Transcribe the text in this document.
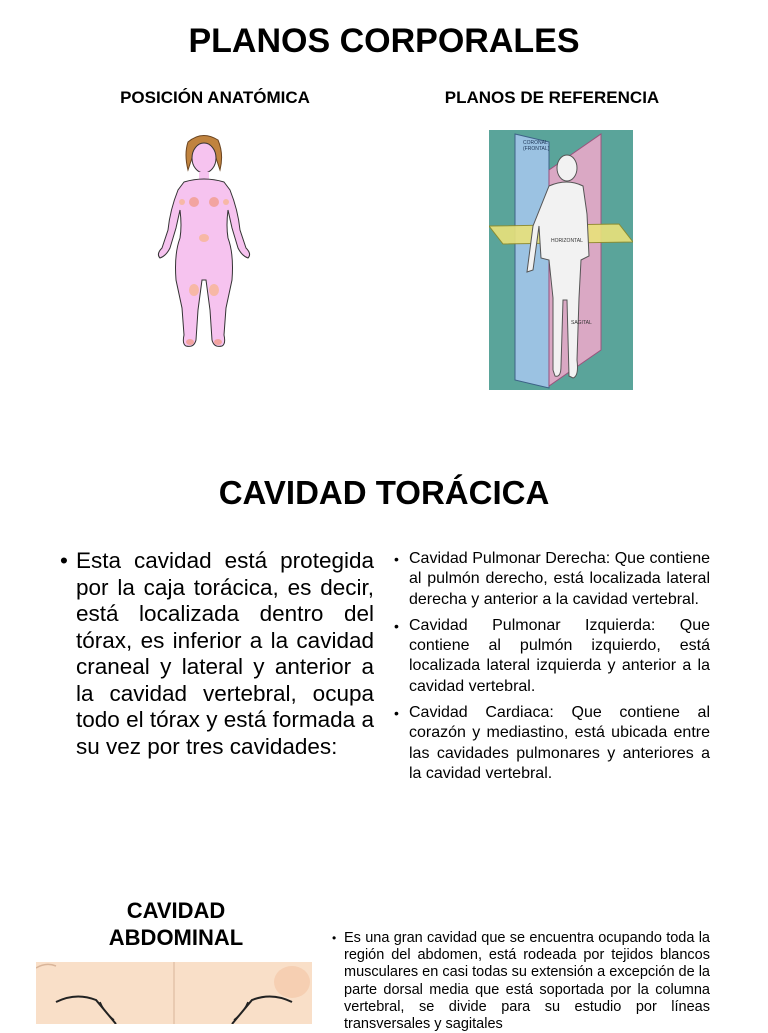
PLANOS CORPORALES
POSICIÓN ANATÓMICA	PLANOS DE REFERENCIA
CORONAL
(FRONTAL)
HORIZONTAL
SAGITAL
CAVIDAD TORÁCICA
• Esta cavidad está protegida por la caja torácica, es decir, está localizada dentro del tórax, es inferior a la cavidad craneal y lateral y anterior a la cavidad vertebral, ocupa todo el tórax y está formada a su vez por tres cavidades:
• Cavidad Pulmonar Derecha: Que contiene al pulmón derecho, está localizada lateral derecha y anterior a la cavidad vertebral.
• Cavidad Pulmonar Izquierda: Que contiene al pulmón izquierdo, está localizada lateral izquierda y anterior a la cavidad vertebral.
• Cavidad Cardiaca: Que contiene al corazón y mediastino, está ubicada entre las cavidades pulmonares y anteriores a la cavidad vertebral.
CAVIDAD
ABDOMINAL
•	Es una gran cavidad que se encuentra ocupando toda la región del abdomen, está rodeada por tejidos blancos musculares en casi todas su extensión a excepción de la parte dorsal media que está soportada por la columna vertebral, se divide para su estudio por líneas transversales y sagitales
